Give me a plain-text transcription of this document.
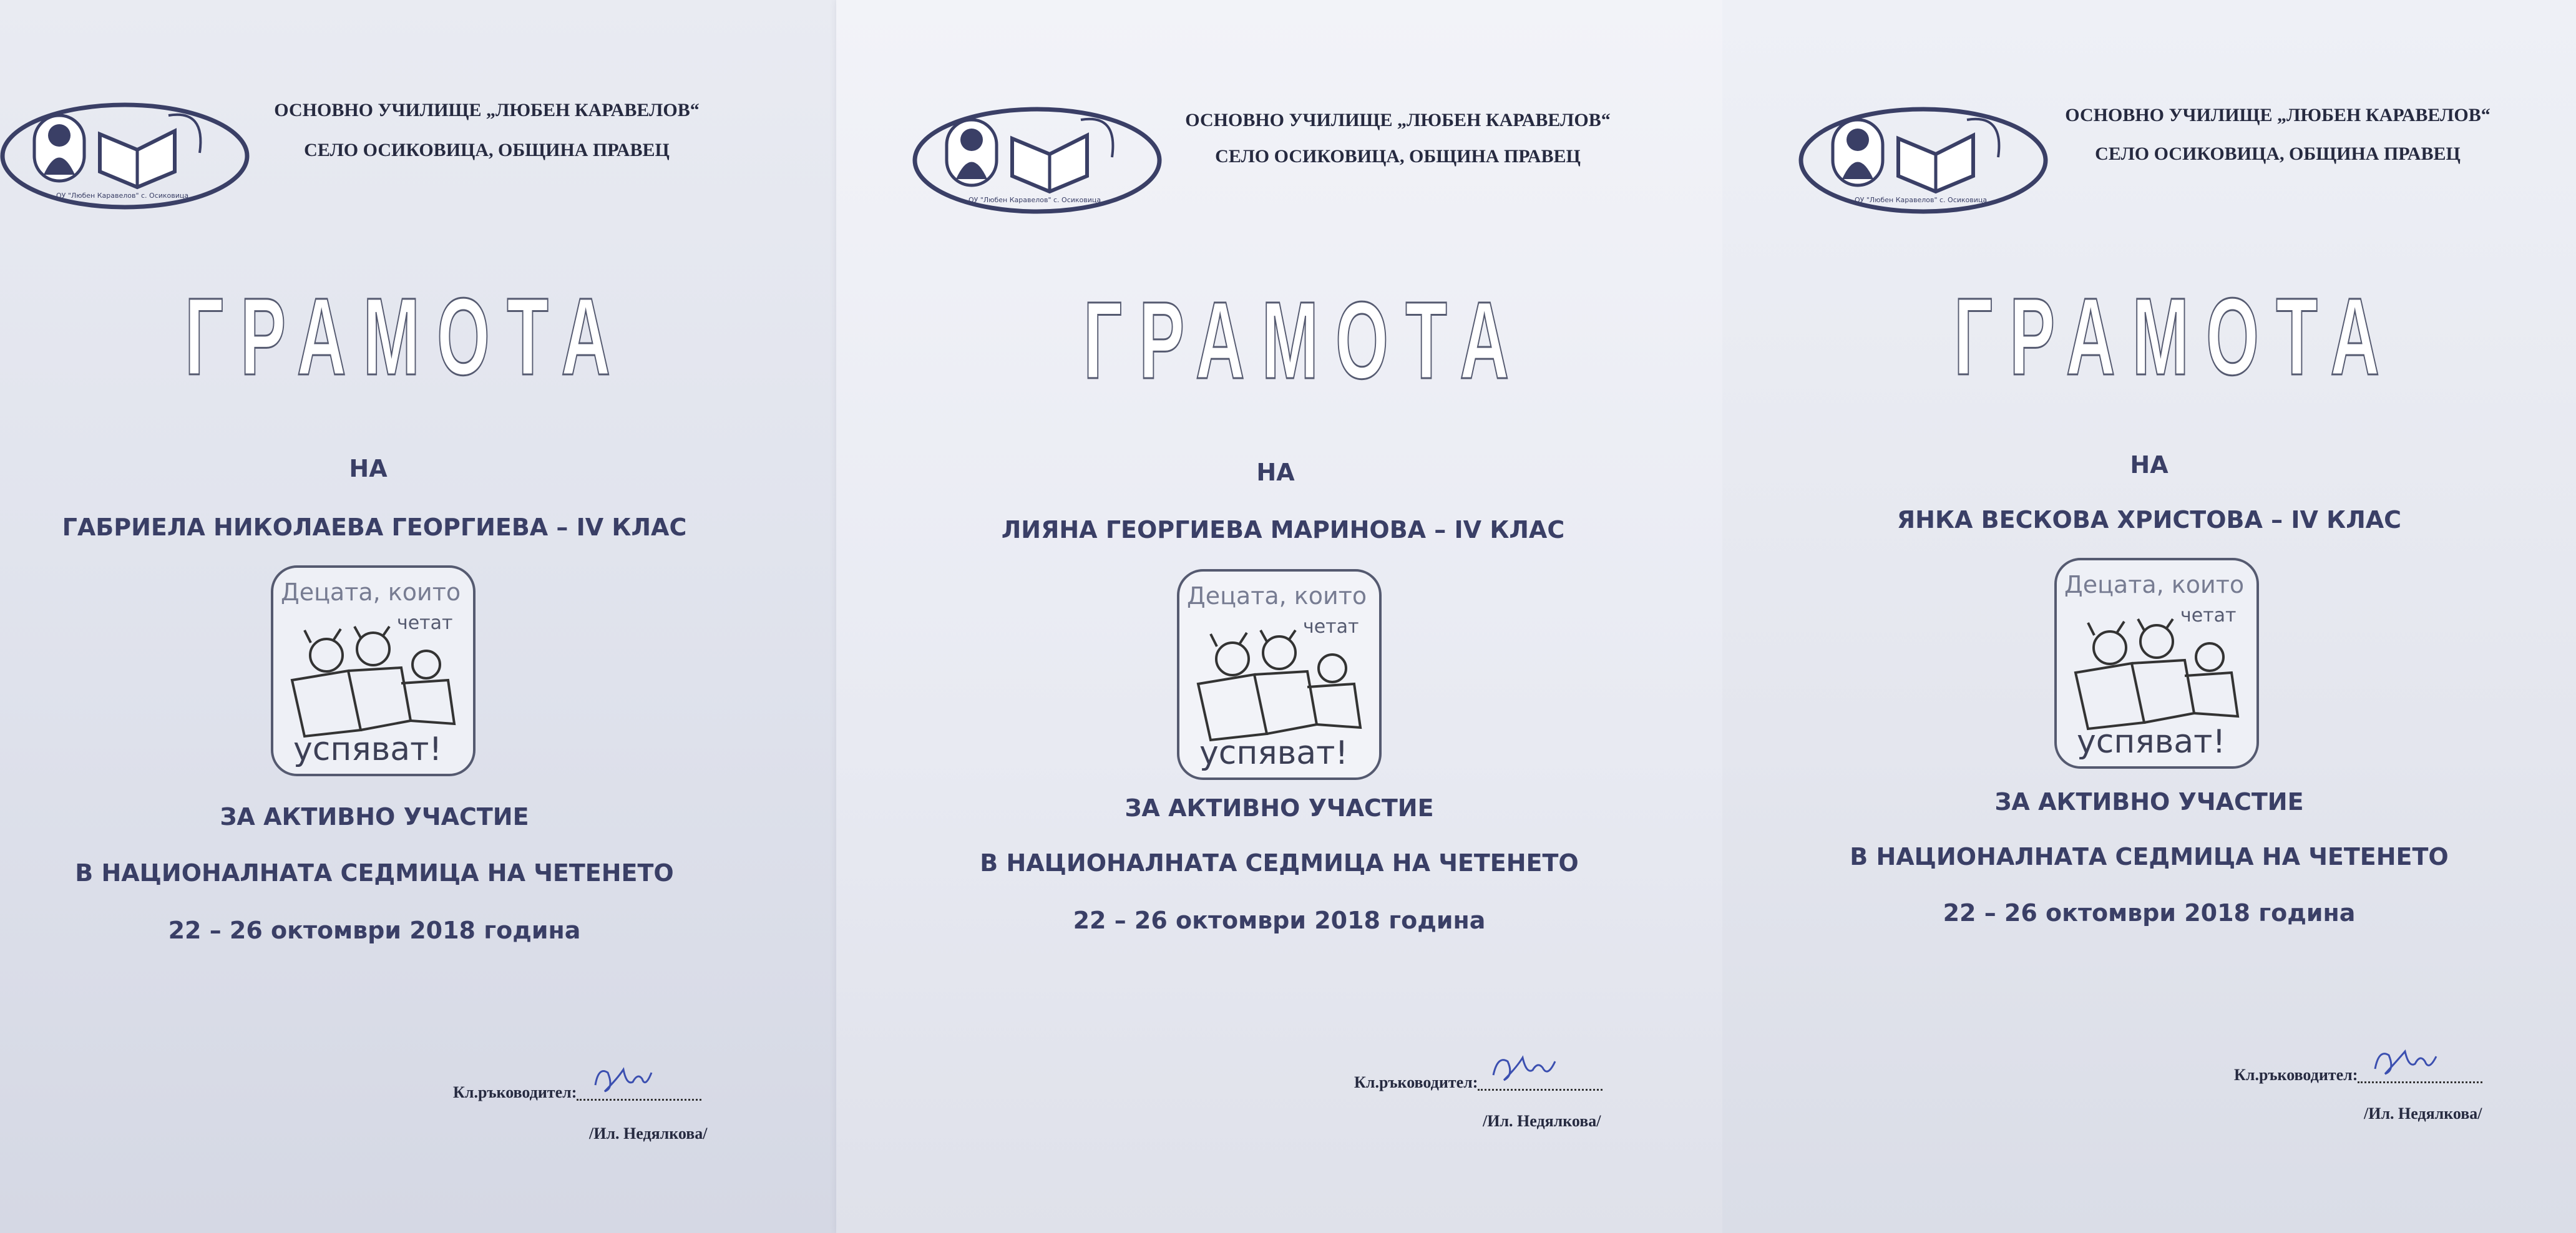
ОУ "Любен Каравелов" с. Осиковица
ОСНОВНО УЧИЛИЩЕ „ЛЮБЕН КАРАВЕЛОВ“
СЕЛО ОСИКОВИЦА, ОБЩИНА ПРАВЕЦ
ГРАМОТА
НА
ГАБРИЕЛА НИКОЛАЕВА ГЕОРГИЕВА – IV КЛАС
Децата, които
четат
успяват!
ЗА АКТИВНО УЧАСТИЕ
В НАЦИОНАЛНАТА СЕДМИЦА НА ЧЕТЕНЕТО
22 – 26 октомври 2018 година
Кл.ръководител:
/Ил. Недялкова/
ОУ "Любен Каравелов" с. Осиковица
ОСНОВНО УЧИЛИЩЕ „ЛЮБЕН КАРАВЕЛОВ“
СЕЛО ОСИКОВИЦА, ОБЩИНА ПРАВЕЦ
ГРАМОТА
НА
ЛИЯНА ГЕОРГИЕВА МАРИНОВА – IV КЛАС
Децата, които
четат
успяват!
ЗА АКТИВНО УЧАСТИЕ
В НАЦИОНАЛНАТА СЕДМИЦА НА ЧЕТЕНЕТО
22 – 26 октомври 2018 година
Кл.ръководител:
/Ил. Недялкова/
ОУ "Любен Каравелов" с. Осиковица
ОСНОВНО УЧИЛИЩЕ „ЛЮБЕН КАРАВЕЛОВ“
СЕЛО ОСИКОВИЦА, ОБЩИНА ПРАВЕЦ
ГРАМОТА
НА
ЯНКА ВЕСКОВА ХРИСТОВА – IV КЛАС
Децата, които
четат
успяват!
ЗА АКТИВНО УЧАСТИЕ
В НАЦИОНАЛНАТА СЕДМИЦА НА ЧЕТЕНЕТО
22 – 26 октомври 2018 година
Кл.ръководител:
/Ил. Недялкова/
